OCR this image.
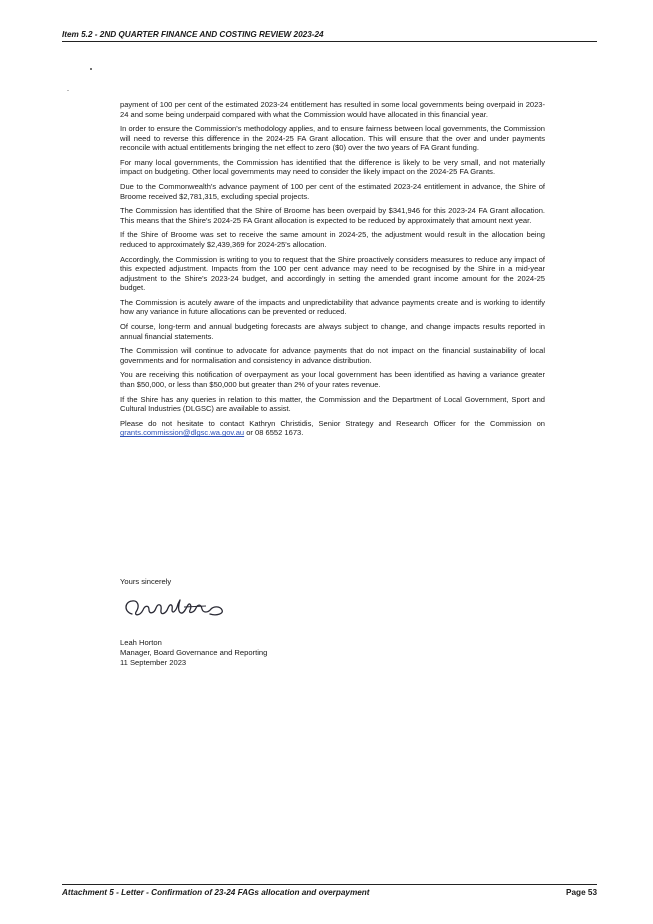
Item 5.2 - 2ND QUARTER FINANCE AND COSTING REVIEW 2023-24

payment of 100 per cent of the estimated 2023-24 entitlement has resulted in some local governments being overpaid in 2023-24 and some being underpaid compared with what the Commission would have allocated in this financial year.

In order to ensure the Commission's methodology applies, and to ensure fairness between local governments, the Commission will need to reverse this difference in the 2024-25 FA Grant allocation. This will ensure that the over and under payments reconcile with actual entitlements bringing the net effect to zero ($0) over the two years of FA Grant funding.

For many local governments, the Commission has identified that the difference is likely to be very small, and not materially impact on budgeting. Other local governments may need to consider the likely impact on the 2024-25 FA Grants.

Due to the Commonwealth's advance payment of 100 per cent of the estimated 2023-24 entitlement in advance, the Shire of Broome received $2,781,315, excluding special projects.

The Commission has identified that the Shire of Broome has been overpaid by $341,946 for this 2023-24 FA Grant allocation. This means that the Shire's 2024-25 FA Grant allocation is expected to be reduced by approximately that amount next year.

If the Shire of Broome was set to receive the same amount in 2024-25, the adjustment would result in the allocation being reduced to approximately $2,439,369 for 2024-25's allocation.

Accordingly, the Commission is writing to you to request that the Shire proactively considers measures to reduce any impact of this expected adjustment. Impacts from the 100 per cent advance may need to be recognised by the Shire in a mid-year adjustment to the Shire's 2023-24 budget, and accordingly in setting the amended grant income amount for the 2024-25 budget.

The Commission is acutely aware of the impacts and unpredictability that advance payments create and is working to identify how any variance in future allocations can be prevented or reduced.

Of course, long-term and annual budgeting forecasts are always subject to change, and change impacts results reported in annual financial statements.

The Commission will continue to advocate for advance payments that do not impact on the financial sustainability of local governments and for normalisation and consistency in advance distribution.

You are receiving this notification of overpayment as your local government has been identified as having a variance greater than $50,000, or less than $50,000 but greater than 2% of your rates revenue.

If the Shire has any queries in relation to this matter, the Commission and the Department of Local Government, Sport and Cultural Industries (DLGSC) are available to assist.

Please do not hesitate to contact Kathryn Christidis, Senior Strategy and Research Officer for the Commission on grants.commission@dlgsc.wa.gov.au or 08 6552 1673.

Yours sincerely
Leah Horton
Manager, Board Governance and Reporting
11 September 2023
Attachment 5 - Letter - Confirmation of 23-24 FAGs allocation and overpayment	Page 53
